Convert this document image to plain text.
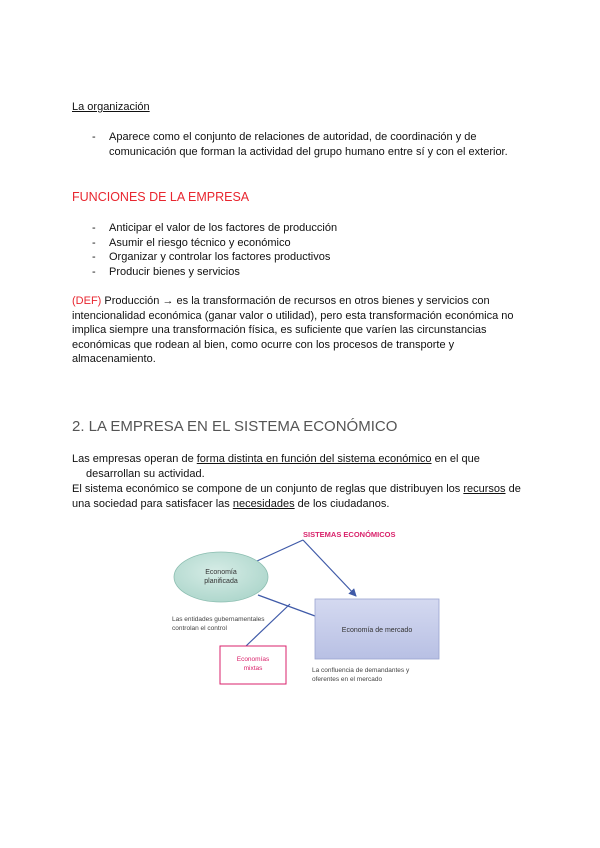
La organización
- Aparece como el conjunto de relaciones de autoridad, de coordinación y de
comunicación que forman la actividad del grupo humano entre sí y con el exterior.
FUNCIONES DE LA EMPRESA
- Anticipar el valor de los factores de producción
- Asumir el riesgo técnico y económico
- Organizar y controlar los factores productivos
- Producir bienes y servicios
(DEF) Producción → es la transformación de recursos en otros bienes y servicios con
intencionalidad económica (ganar valor o utilidad), pero esta transformación económica no
implica siempre una transformación física, es suficiente que varíen las circunstancias
económicas que rodean al bien, como ocurre con los procesos de transporte y
almacenamiento.
2. LA EMPRESA EN EL SISTEMA ECONÓMICO
Las empresas operan de forma distinta en función del sistema económico en el que
desarrollan su actividad.
El sistema económico se compone de un conjunto de reglas que distribuyen los recursos de
una sociedad para satisfacer las necesidades de los ciudadanos.
SISTEMAS ECONÓMICOS
Economía
planificada
Las entidades gubernamentales
controlan el control	Economía de mercado
La confluencia de demandantes y
oferentes en el mercado
Economías
mixtas
